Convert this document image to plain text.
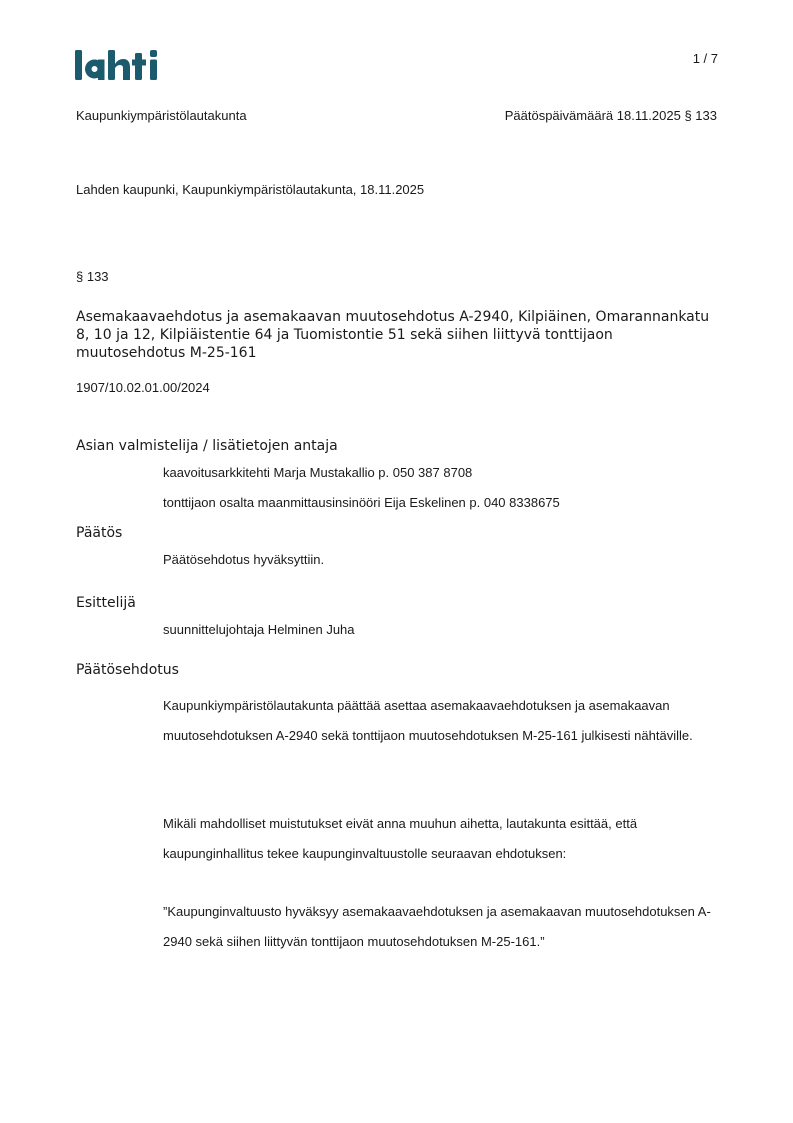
1 / 7
Kaupunkiympäristölautakunta	Päätöspäivämäärä 18.11.2025 § 133
Lahden kaupunki, Kaupunkiympäristölautakunta, 18.11.2025
§ 133
Asemakaavaehdotus ja asemakaavan muutosehdotus A-2940, Kilpiäinen, Omarannankatu 8, 10 ja 12, Kilpiäistentie 64 ja Tuomistontie 51 sekä siihen liittyvä tonttijaon muutosehdotus M-25-161
1907/10.02.01.00/2024
Asian valmistelija / lisätietojen antaja
kaavoitusarkkitehti Marja Mustakallio p. 050 387 8708
tonttijaon osalta maanmittausinsinööri Eija Eskelinen p. 040 8338675
Päätös
Päätösehdotus hyväksyttiin.
Esittelijä
suunnittelujohtaja Helminen Juha
Päätösehdotus
Kaupunkiympäristölautakunta päättää asettaa asemakaavaehdotuksen ja asemakaavan muutosehdotuksen A-2940 sekä tonttijaon muutosehdotuksen M-25-161 julkisesti nähtäville.
Mikäli mahdolliset muistutukset eivät anna muuhun aihetta, lautakunta esittää, että kaupunginhallitus tekee kaupunginvaltuustolle seuraavan ehdotuksen:
”Kaupunginvaltuusto hyväksyy asemakaavaehdotuksen ja asemakaavan muutosehdotuksen A-2940 sekä siihen liittyvän tonttijaon muutosehdotuksen M-25-161.”
